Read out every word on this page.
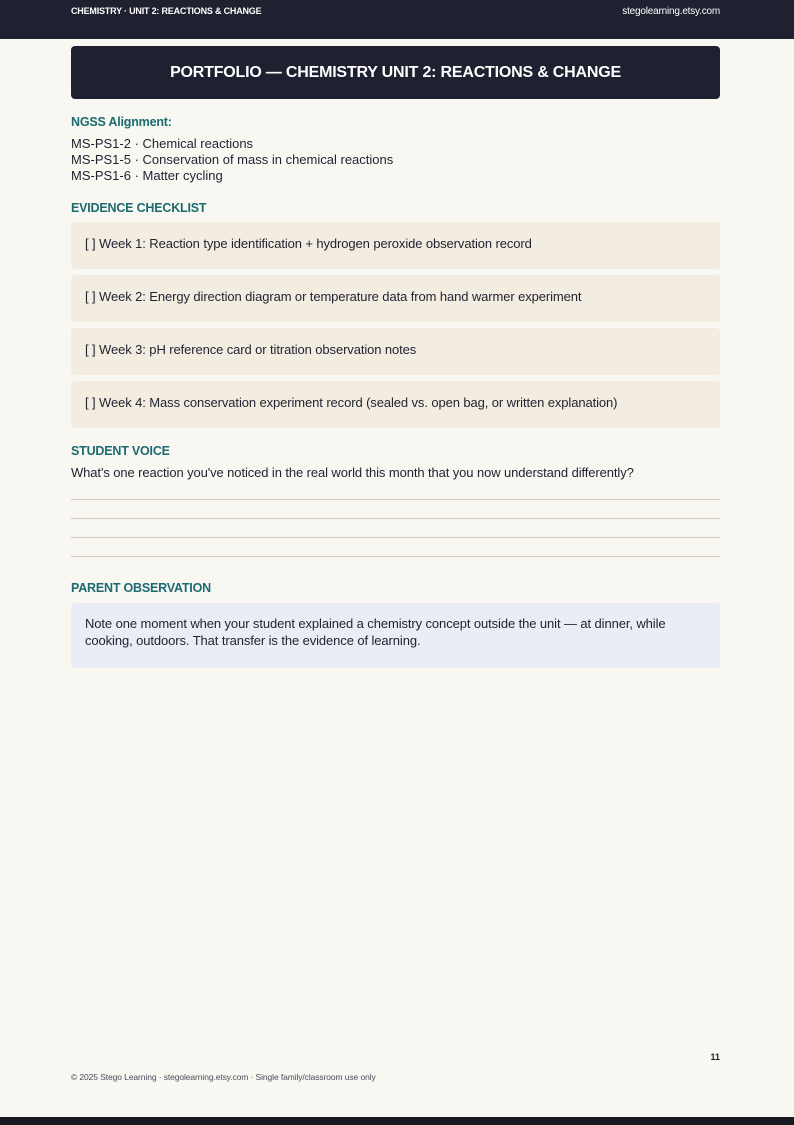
CHEMISTRY · UNIT 2: REACTIONS & CHANGE	stegolearning.etsy.com
PORTFOLIO — CHEMISTRY UNIT 2: REACTIONS & CHANGE
NGSS Alignment:
MS-PS1-2 · Chemical reactions
MS-PS1-5 · Conservation of mass in chemical reactions
MS-PS1-6 · Matter cycling
EVIDENCE CHECKLIST
[ ] Week 1: Reaction type identification + hydrogen peroxide observation record
[ ] Week 2: Energy direction diagram or temperature data from hand warmer experiment
[ ] Week 3: pH reference card or titration observation notes
[ ] Week 4: Mass conservation experiment record (sealed vs. open bag, or written explanation)
STUDENT VOICE
What's one reaction you've noticed in the real world this month that you now understand differently?
PARENT OBSERVATION
Note one moment when your student explained a chemistry concept outside the unit — at dinner, while cooking, outdoors. That transfer is the evidence of learning.
11
© 2025 Stego Learning · stegolearning.etsy.com · Single family/classroom use only
